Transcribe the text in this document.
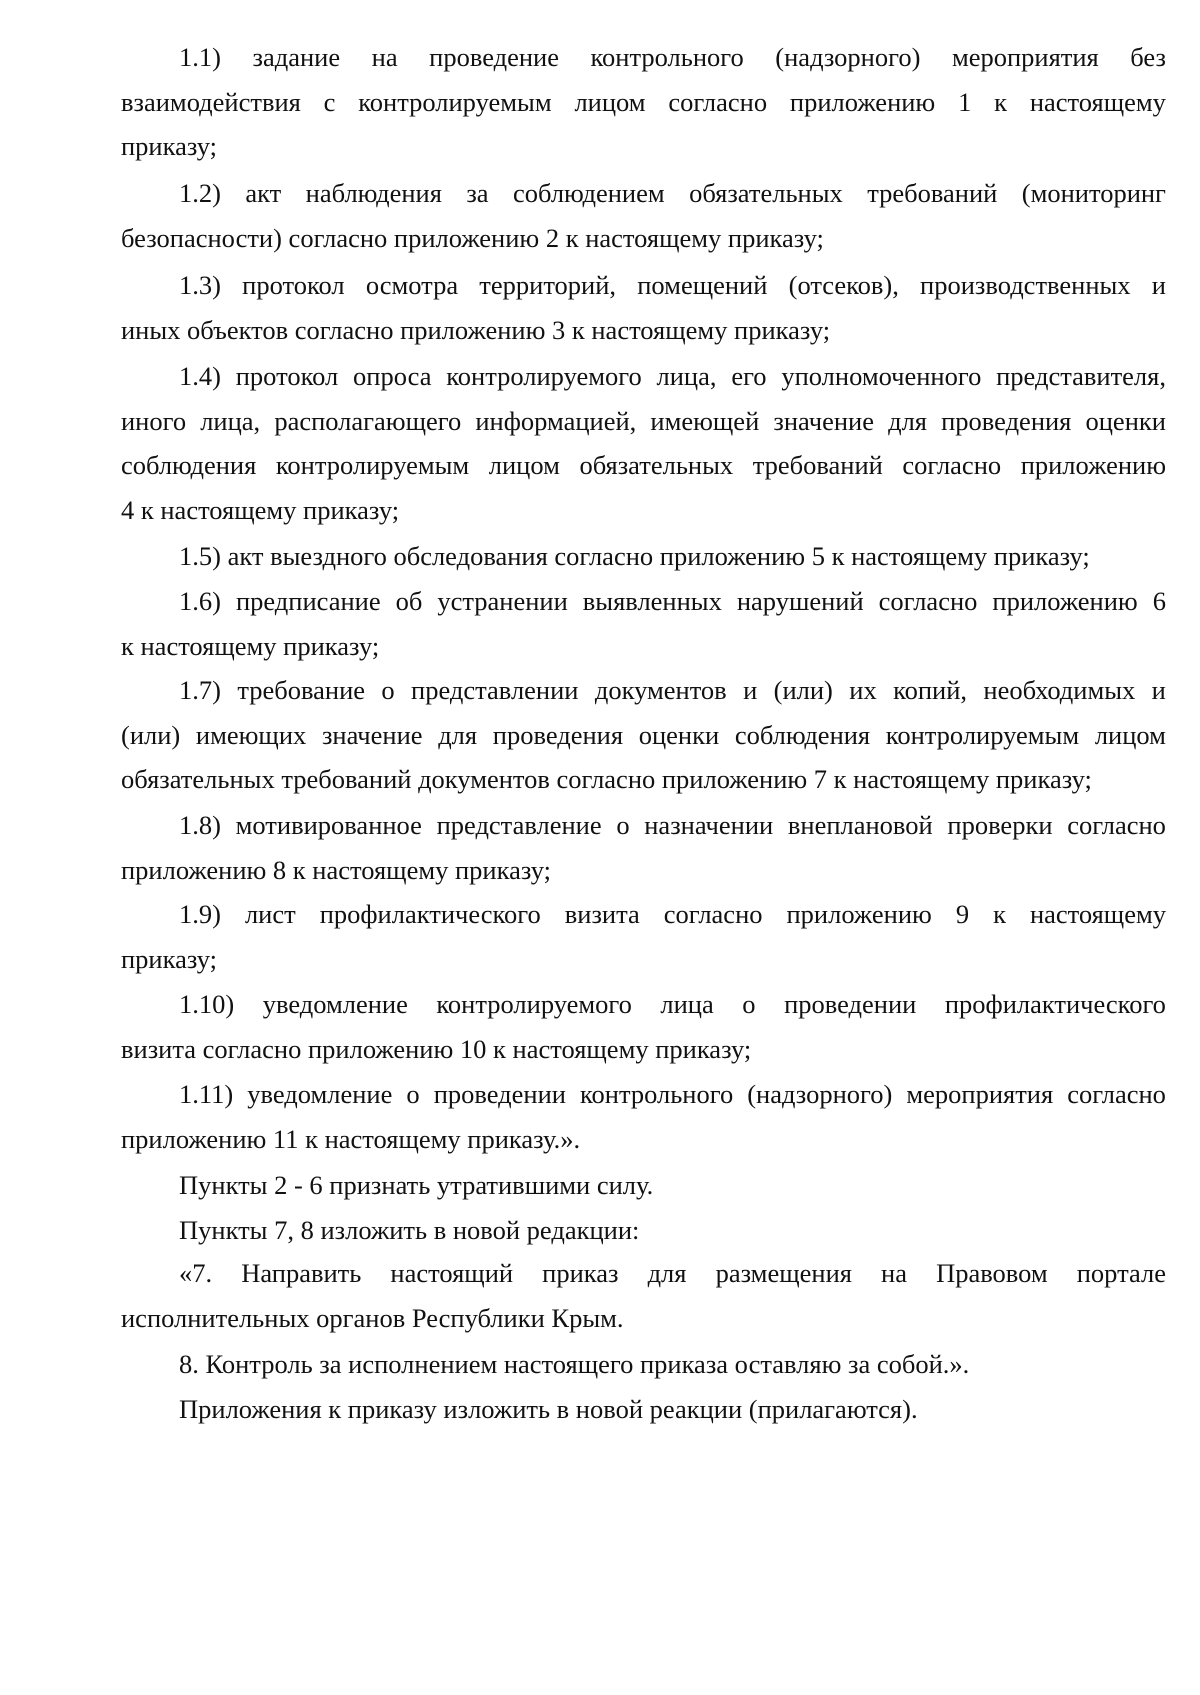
1.1) задание на проведение контрольного (надзорного) мероприятия без
взаимодействия с контролируемым лицом согласно приложению 1 к настоящему
приказу;
1.2) акт наблюдения за соблюдением обязательных требований (мониторинг
безопасности) согласно приложению 2 к настоящему приказу;
1.3) протокол осмотра территорий, помещений (отсеков), производственных и
иных объектов согласно приложению 3 к настоящему приказу;
1.4) протокол опроса контролируемого лица, его уполномоченного представителя,
иного лица, располагающего информацией, имеющей значение для проведения оценки
соблюдения контролируемым лицом обязательных требований согласно приложению
4 к настоящему приказу;
1.5) акт выездного обследования согласно приложению 5 к настоящему приказу;
1.6) предписание об устранении выявленных нарушений согласно приложению 6
к настоящему приказу;
1.7) требование о представлении документов и (или) их копий, необходимых и
(или) имеющих значение для проведения оценки соблюдения контролируемым лицом
обязательных требований документов согласно приложению 7 к настоящему приказу;
1.8) мотивированное представление о назначении внеплановой проверки согласно
приложению 8 к настоящему приказу;
1.9) лист профилактического визита согласно приложению 9 к настоящему
приказу;
1.10) уведомление контролируемого лица о проведении профилактического
визита согласно приложению 10 к настоящему приказу;
1.11) уведомление о проведении контрольного (надзорного) мероприятия согласно
приложению 11 к настоящему приказу.».

Пункты 2 - 6 признать утратившими силу.

Пункты 7, 8 изложить в новой редакции:

«7. Направить настоящий приказ для размещения на Правовом портале
исполнительных органов Республики Крым.

8. Контроль за исполнением настоящего приказа оставляю за собой.».

Приложения к приказу изложить в новой реакции (прилагаются).
